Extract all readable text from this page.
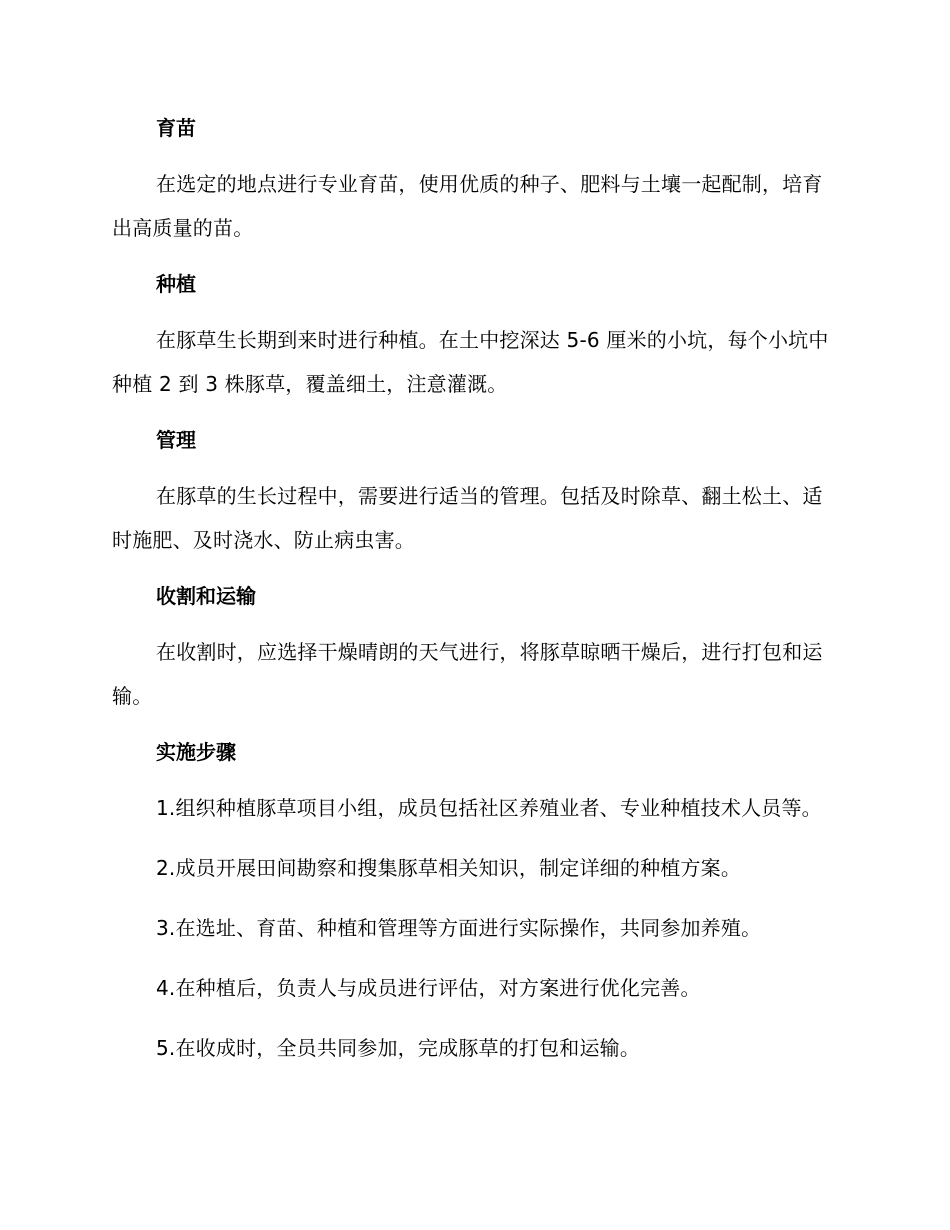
育苗

在选定的地点进行专业育苗，使用优质的种子、肥料与土壤一起配制，培育出高质量的苗。

种植

在豚草生长期到来时进行种植。在土中挖深达 5-6 厘米的小坑，每个小坑中种植 2 到 3 株豚草，覆盖细土，注意灌溉。

管理

在豚草的生长过程中，需要进行适当的管理。包括及时除草、翻土松土、适时施肥、及时浇水、防止病虫害。

收割和运输

在收割时，应选择干燥晴朗的天气进行，将豚草晾晒干燥后，进行打包和运输。

实施步骤

1.组织种植豚草项目小组，成员包括社区养殖业者、专业种植技术人员等。

2.成员开展田间勘察和搜集豚草相关知识，制定详细的种植方案。

3.在选址、育苗、种植和管理等方面进行实际操作，共同参加养殖。

4.在种植后，负责人与成员进行评估，对方案进行优化完善。

5.在收成时，全员共同参加，完成豚草的打包和运输。
